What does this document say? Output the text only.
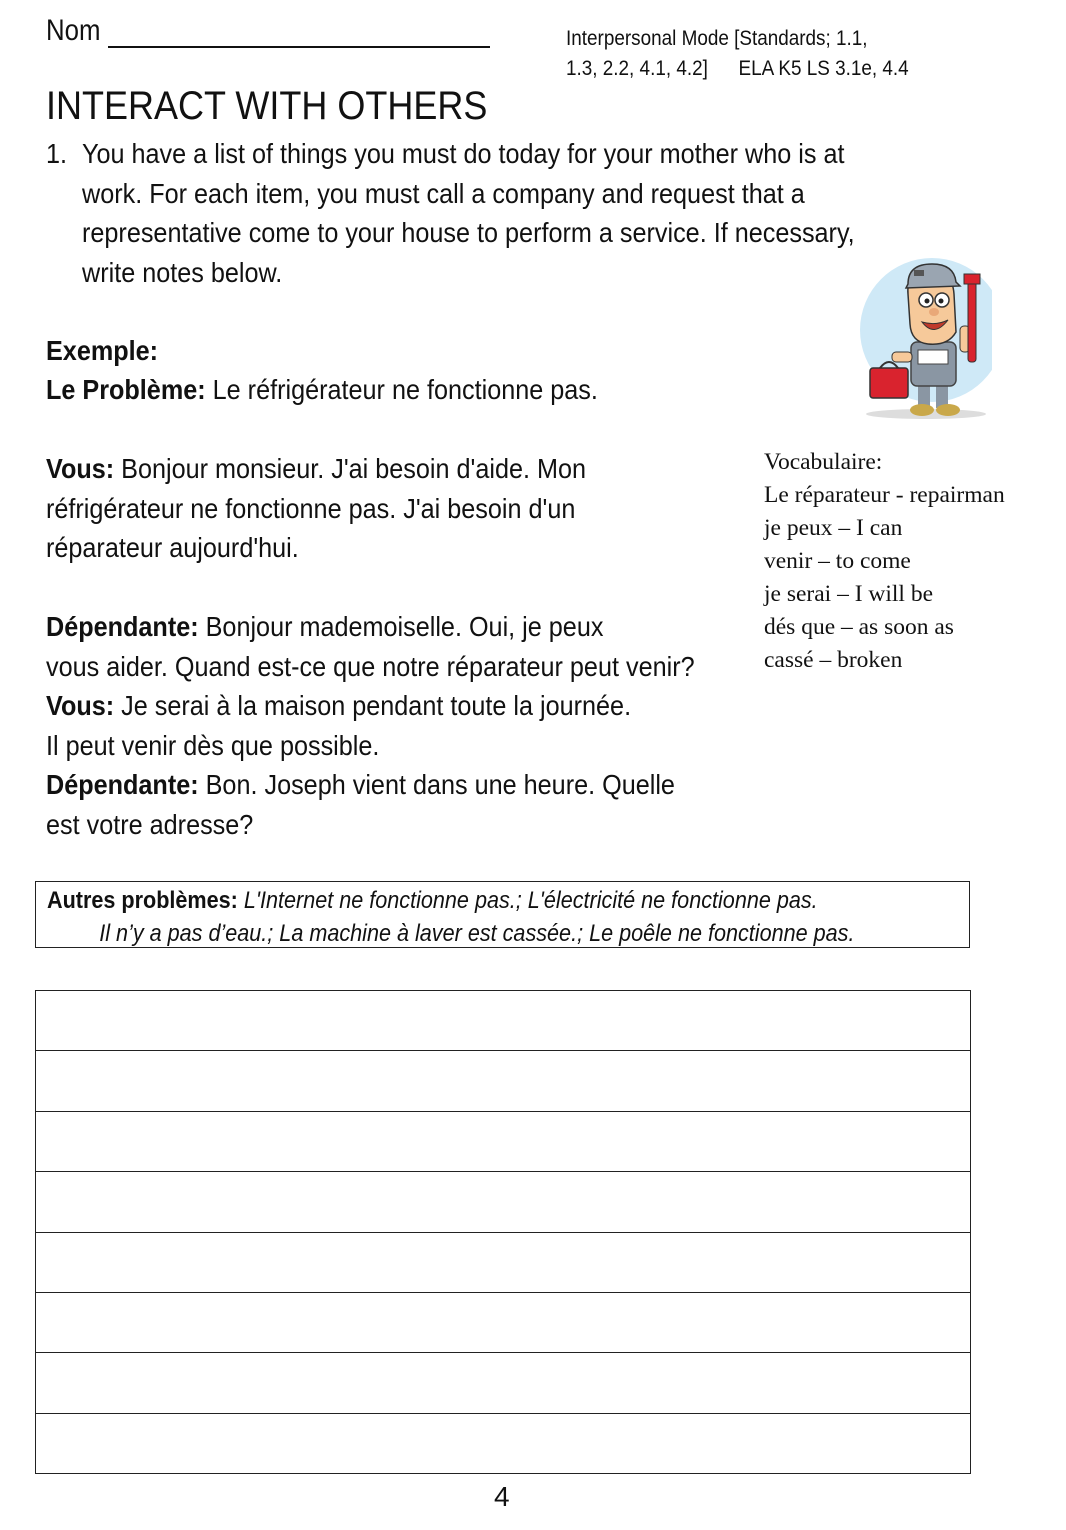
Nom	Interpersonal Mode [Standards; 1.1,
1.3, 2.2, 4.1, 4.2] ELA K5 LS 3.1e, 4.4
INTERACT WITH OTHERS
1. You have a list of things you must do today for your mother who is at
work. For each item, you must call a company and request that a
representative come to your house to perform a service. If necessary,
write notes below.
Exemple:
Le Problème: Le réfrigérateur ne fonctionne pas.
Vous: Bonjour monsieur. J'ai besoin d'aide. Mon
réfrigérateur ne fonctionne pas. J'ai besoin d'un
réparateur aujourd'hui.
Dépendante: Bonjour mademoiselle. Oui, je peux
vous aider. Quand est-ce que notre réparateur peut venir?
Vous: Je serai à la maison pendant toute la journée.
Il peut venir dès que possible.
Dépendante: Bon. Joseph vient dans une heure. Quelle
est votre adresse?
Vocabulaire:
Le réparateur - repairman
je peux – I can
venir – to come
je serai – I will be
dés que – as soon as
cassé – broken
Autres problèmes: L'Internet ne fonctionne pas.; L'électricité ne fonctionne pas.
Il n’y a pas d’eau.; La machine à laver est cassée.; Le poêle ne fonctionne pas.
4
